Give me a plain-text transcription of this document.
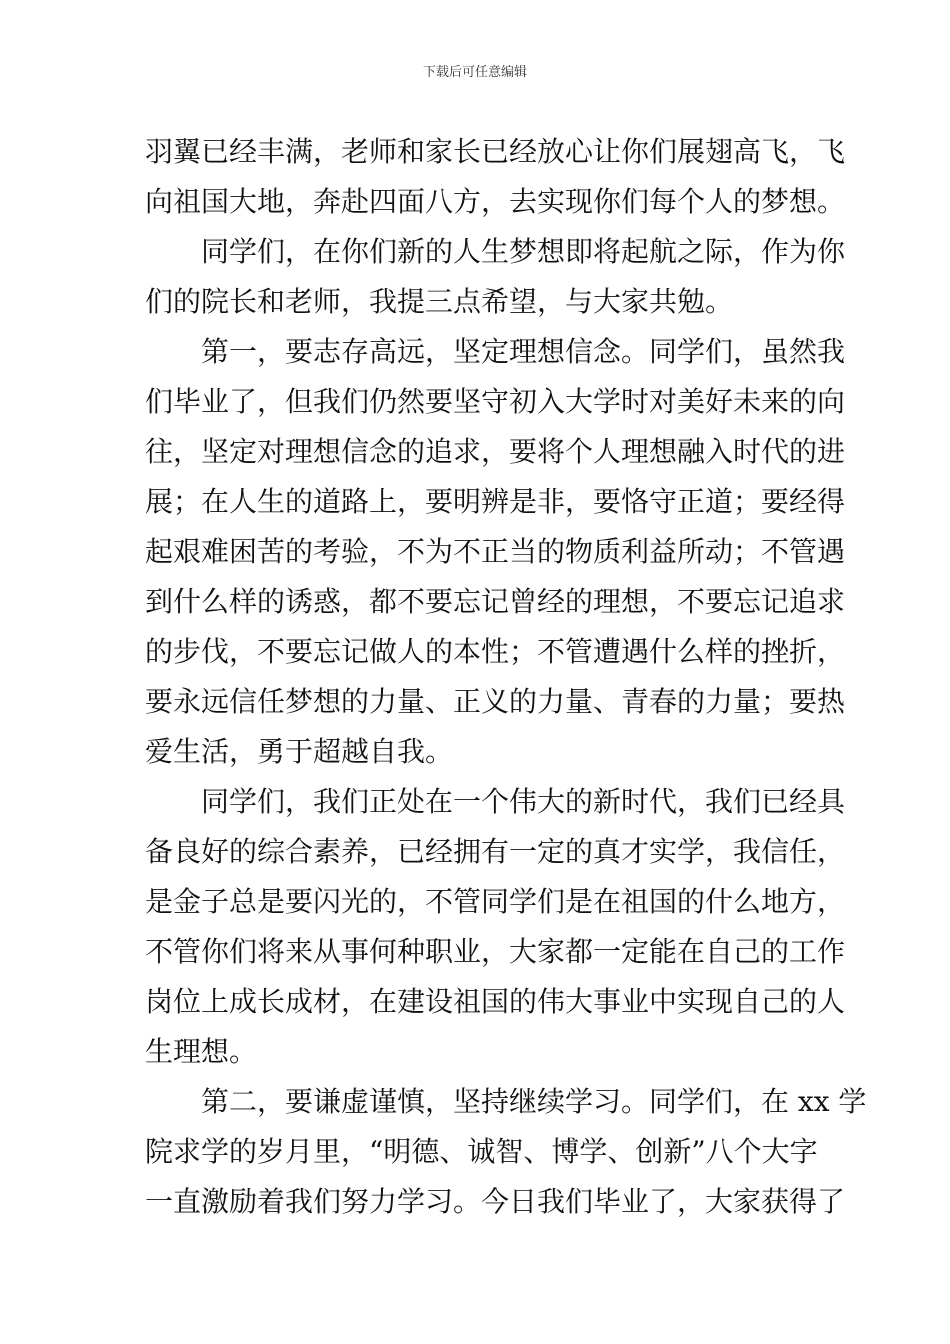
下载后可任意编辑
羽翼已经丰满，老师和家长已经放心让你们展翅高飞，飞
向祖国大地，奔赴四面八方，去实现你们每个人的梦想。
同学们，在你们新的人生梦想即将起航之际，作为你
们的院长和老师，我提三点希望，与大家共勉。
第一，要志存高远，坚定理想信念。同学们，虽然我
们毕业了，但我们仍然要坚守初入大学时对美好未来的向
往，坚定对理想信念的追求，要将个人理想融入时代的进
展；在人生的道路上，要明辨是非，要恪守正道；要经得
起艰难困苦的考验，不为不正当的物质利益所动；不管遇
到什么样的诱惑，都不要忘记曾经的理想，不要忘记追求
的步伐，不要忘记做人的本性；不管遭遇什么样的挫折，
要永远信任梦想的力量、正义的力量、青春的力量；要热
爱生活，勇于超越自我。
同学们，我们正处在一个伟大的新时代，我们已经具
备良好的综合素养，已经拥有一定的真才实学，我信任，
是金子总是要闪光的，不管同学们是在祖国的什么地方，
不管你们将来从事何种职业，大家都一定能在自己的工作
岗位上成长成材，在建设祖国的伟大事业中实现自己的人
生理想。
第二，要谦虚谨慎，坚持继续学习。同学们，在 xx 学
院求学的岁月里，“明德、诚智、博学、创新”八个大字
一直激励着我们努力学习。今日我们毕业了，大家获得了
